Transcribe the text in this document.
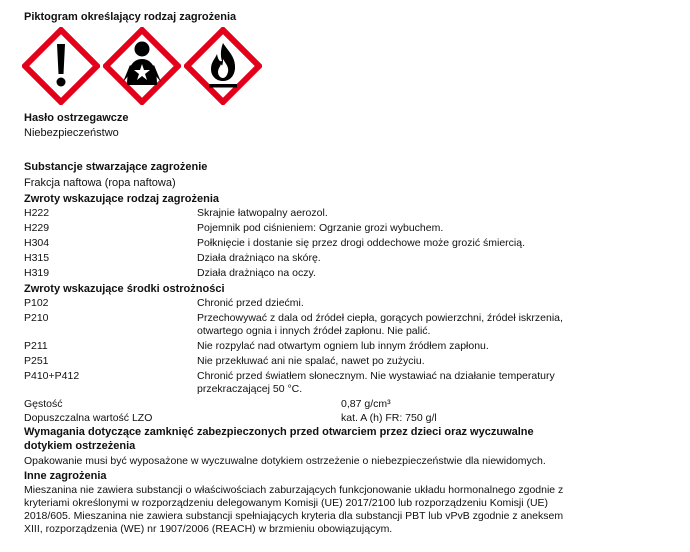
Piktogram określający rodzaj zagrożenia
Hasło ostrzegawcze
Niebezpieczeństwo
Substancje stwarzające zagrożenie
Frakcja naftowa (ropa naftowa)
Zwroty wskazujące rodzaj zagrożenia
H222	Skrajnie łatwopalny aerozol.
H229	Pojemnik pod ciśnieniem: Ogrzanie grozi wybuchem.
H304	Połknięcie i dostanie się przez drogi oddechowe może grozić śmiercią.
H315	Działa drażniąco na skórę.
H319	Działa drażniąco na oczy.
Zwroty wskazujące środki ostrożności
P102	Chronić przed dziećmi.
P210	Przechowywać z dala od źródeł ciepła, gorących powierzchni, źródeł iskrzenia,
otwartego ognia i innych źródeł zapłonu. Nie palić.
P211	Nie rozpylać nad otwartym ogniem lub innym źródłem zapłonu.
P251	Nie przekłuwać ani nie spalać, nawet po zużyciu.
P410+P412	Chronić przed światłem słonecznym. Nie wystawiać na działanie temperatury
przekraczającej 50 °C.
Gęstość	0,87 g/cm³
Dopuszczalna wartość LZO	kat. A (h) FR: 750 g/l
Wymagania dotyczące zamknięć zabezpieczonych przed otwarciem przez dzieci oraz wyczuwalne
dotykiem ostrzeżenia
Opakowanie musi być wyposażone w wyczuwalne dotykiem ostrzeżenie o niebezpieczeństwie dla niewidomych.
Inne zagrożenia
Mieszanina nie zawiera substancji o właściwościach zaburzających funkcjonowanie układu hormonalnego zgodnie z
kryteriami określonymi w rozporządzeniu delegowanym Komisji (UE) 2017/2100 lub rozporządzeniu Komisji (UE)
2018/605. Mieszanina nie zawiera substancji spełniających kryteria dla substancji PBT lub vPvB zgodnie z aneksem
XIII, rozporządzenia (WE) nr 1907/2006 (REACH) w brzmieniu obowiązującym.
